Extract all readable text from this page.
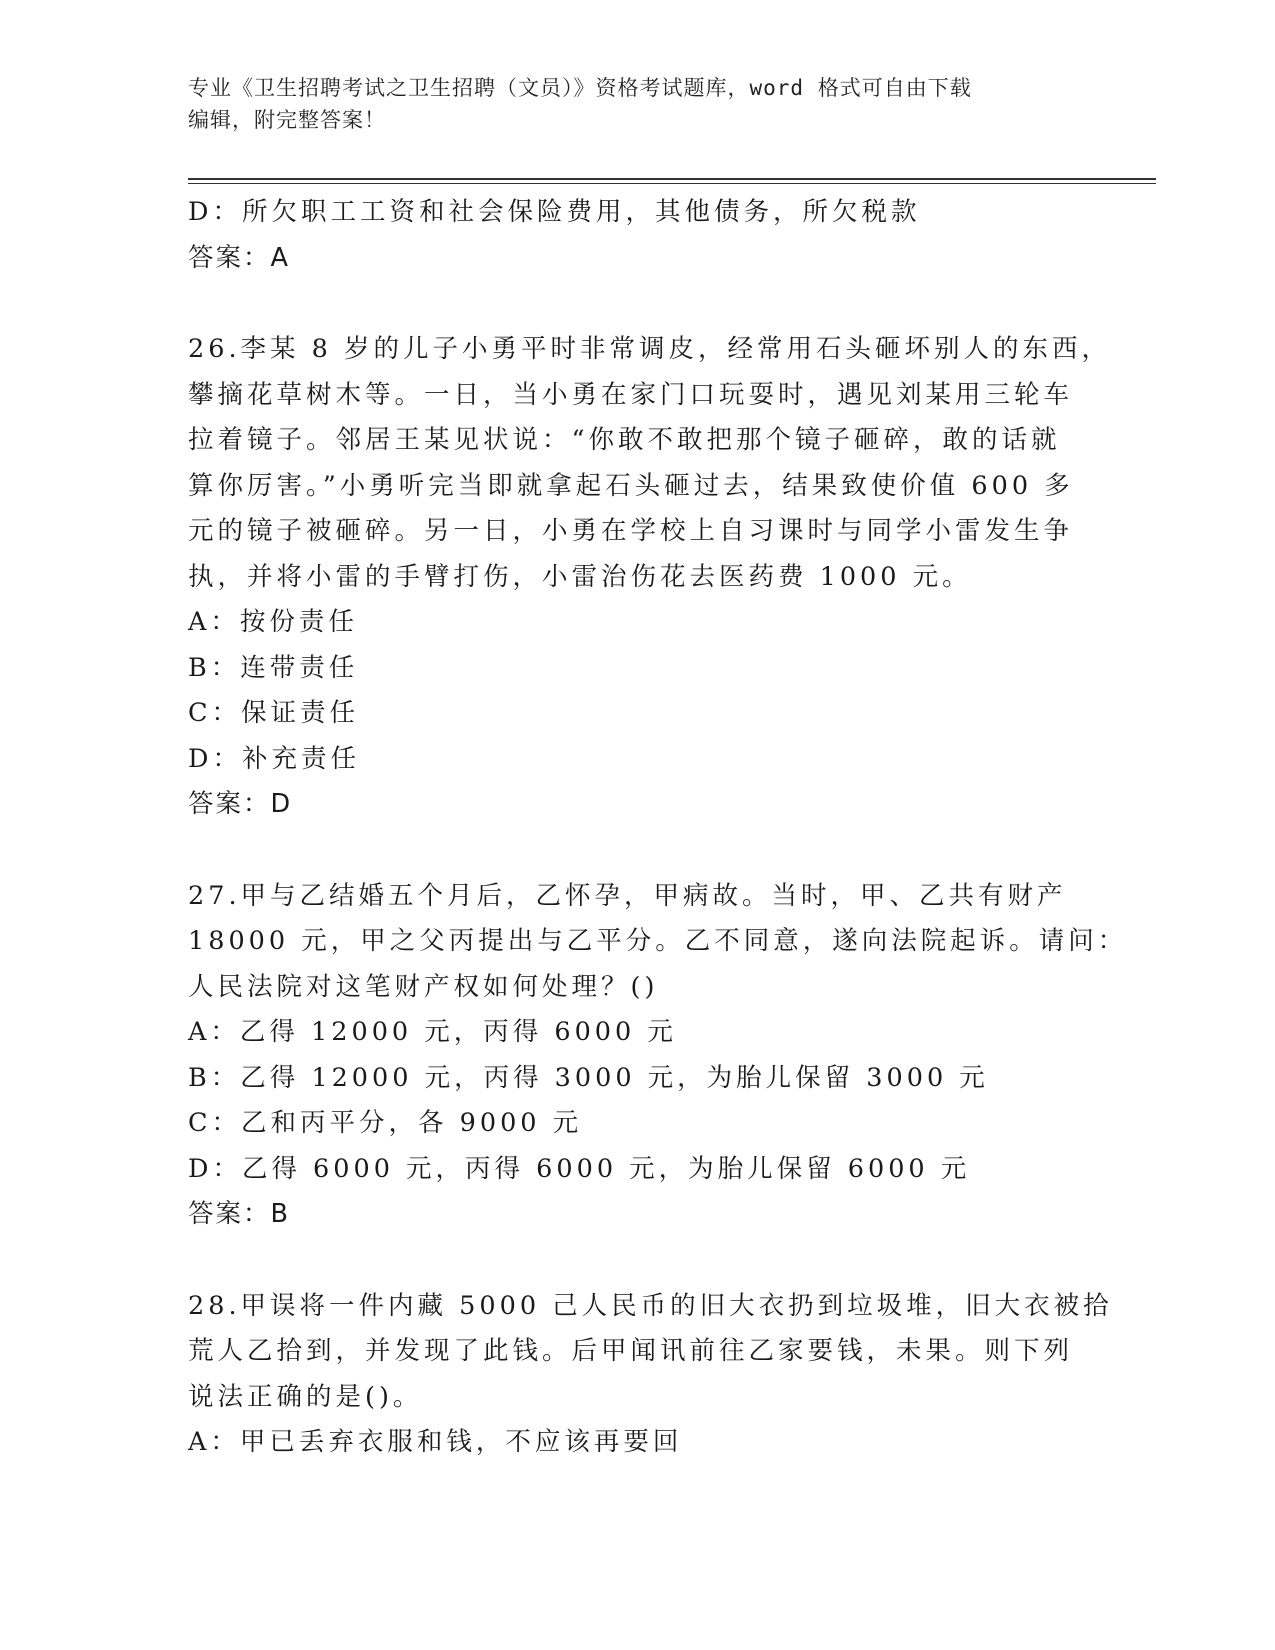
专业《卫生招聘考试之卫生招聘（文员）》资格考试题库，word 格式可自由下载
编辑，附完整答案！
D：所欠职工工资和社会保险费用，其他债务，所欠税款
答案：A
26.李某 8 岁的儿子小勇平时非常调皮，经常用石头砸坏别人的东西，
攀摘花草树木等。一日，当小勇在家门口玩耍时，遇见刘某用三轮车
拉着镜子。邻居王某见状说：“你敢不敢把那个镜子砸碎，敢的话就
算你厉害。”小勇听完当即就拿起石头砸过去，结果致使价值 600 多
元的镜子被砸碎。另一日，小勇在学校上自习课时与同学小雷发生争
执，并将小雷的手臂打伤，小雷治伤花去医药费 1000 元。
A：按份责任
B：连带责任
C：保证责任
D：补充责任
答案：D
27.甲与乙结婚五个月后，乙怀孕，甲病故。当时，甲、乙共有财产
18000 元，甲之父丙提出与乙平分。乙不同意，遂向法院起诉。请问：
人民法院对这笔财产权如何处理？()
A：乙得 12000 元，丙得 6000 元
B：乙得 12000 元，丙得 3000 元，为胎儿保留 3000 元
C：乙和丙平分，各 9000 元
D：乙得 6000 元，丙得 6000 元，为胎儿保留 6000 元
答案：B
28.甲误将一件内藏 5000 己人民币的旧大衣扔到垃圾堆，旧大衣被拾
荒人乙拾到，并发现了此钱。后甲闻讯前往乙家要钱，未果。则下列
说法正确的是()。
A：甲已丢弃衣服和钱，不应该再要回
